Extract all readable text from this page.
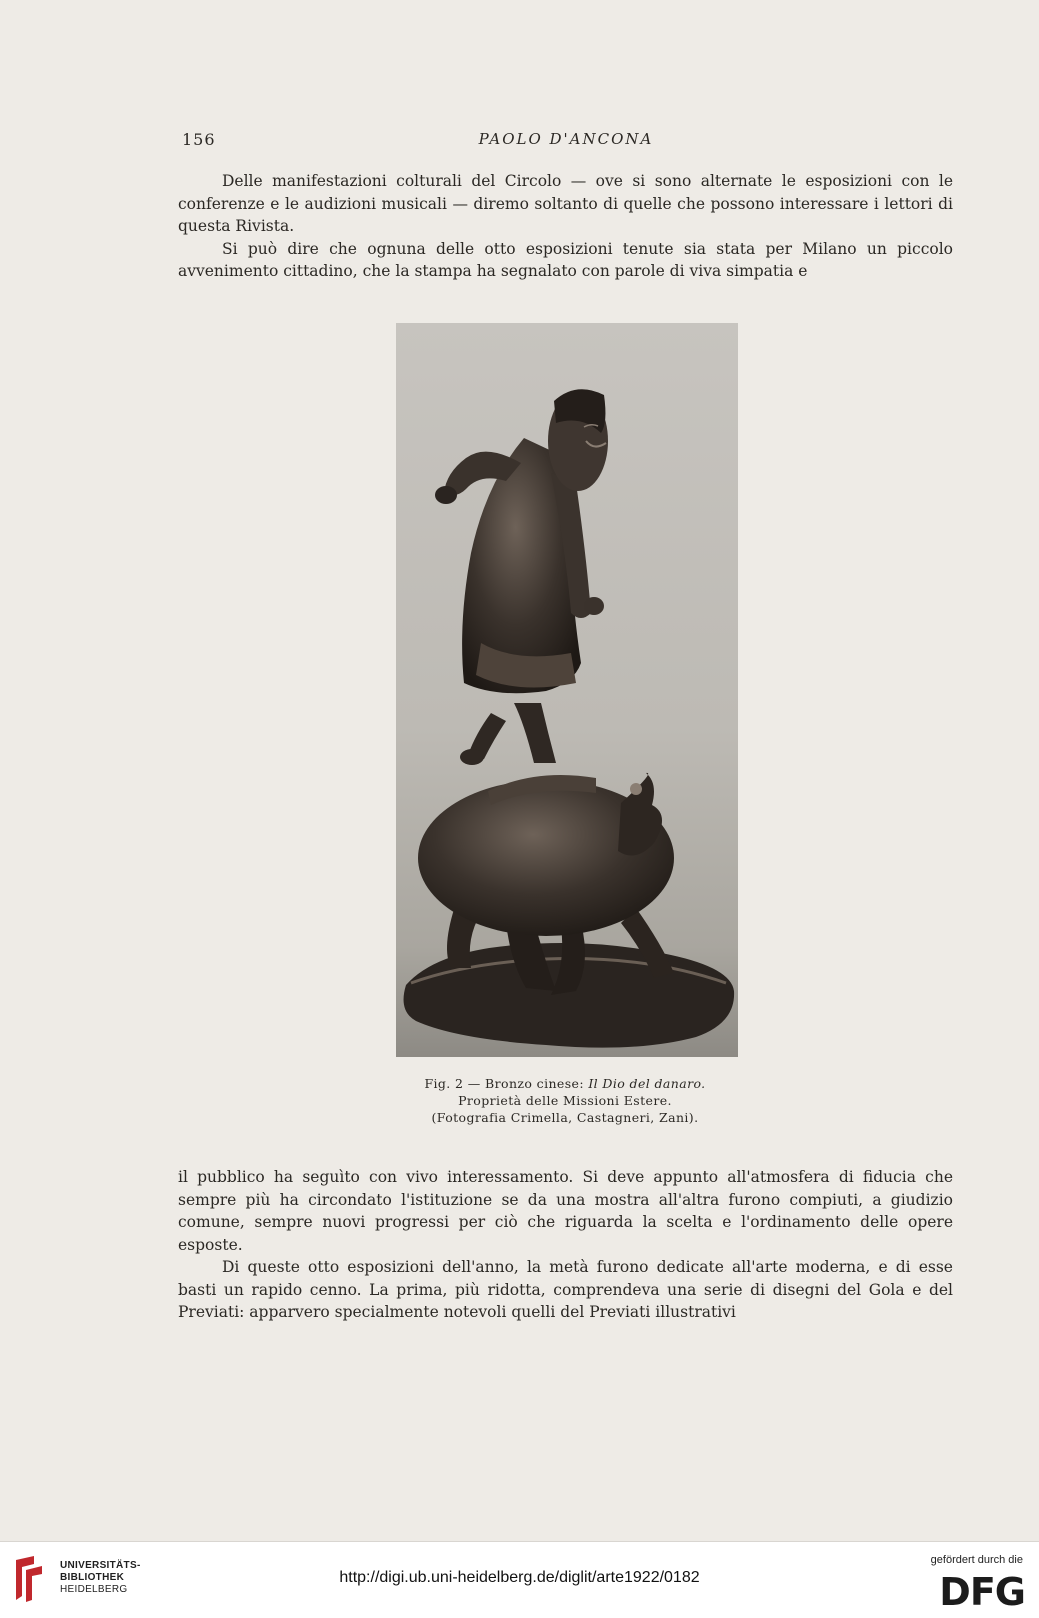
156	PAOLO D'ANCONA

Delle manifestazioni colturali del Circolo — ove si sono alternate le esposizioni con le conferenze e le audizioni musicali — diremo soltanto di quelle che possono interessare i lettori di questa Rivista.

Si può dire che ognuna delle otto esposizioni tenute sia stata per Milano un piccolo avvenimento cittadino, che la stampa ha segnalato con parole di viva simpatia e

Fig. 2 — Bronzo cinese: Il Dio del danaro.
Proprietà delle Missioni Estere.
(Fotografia Crimella, Castagneri, Zani).

il pubblico ha seguìto con vivo interessamento. Si deve appunto all'atmosfera di fiducia che sempre più ha circondato l'istituzione se da una mostra all'altra furono compiuti, a giudizio comune, sempre nuovi progressi per ciò che riguarda la scelta e l'ordinamento delle opere esposte.

Di queste otto esposizioni dell'anno, la metà furono dedicate all'arte moderna, e di esse basti un rapido cenno. La prima, più ridotta, comprendeva una serie di disegni del Gola e del Previati: apparvero specialmente notevoli quelli del Previati illustrativi

UNIVERSITÄTS-
BIBLIOTHEK
HEIDELBERG
http://digi.ub.uni-heidelberg.de/diglit/arte1922/0182
gefördert durch die
DFG
